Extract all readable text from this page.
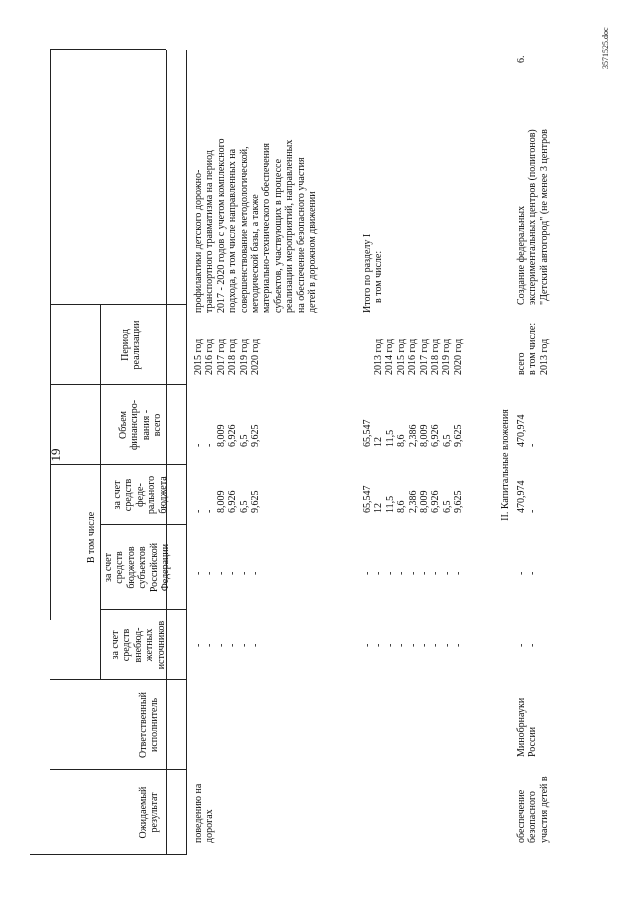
19
Период реализации
Объем финансиро- вания - всего
В том числе
за счет средств феде- рального бюджета
за счет средств бюджетов субъектов Российской Федерации
за счет средств внебюд- жетных источников
Ответственный исполнитель
Ожидаемый результат
профилактики детского дорожно- транспортного травматизма на период 2017 - 2020 годов с учетом комплексного подхода, в том числе направленных на совершенствование методологической, методической базы, а также материально-технического обеспечения субъектов, участвующих в процессе реализации мероприятий, направленных на обеспечение безопасного участия детей в дорожном движении
2015 год 2016 год 2017 год 2018 год 2019 год 2020 год
- - 8,009 6,926 6,5 9,625
- - 8,009 6,926 6,5 9,625
- - - - - -
- - - - - -
поведению на дорогах
Итого по разделу I в том числе:
2013 год 2014 год 2015 год 2016 год 2017 год 2018 год 2019 год 2020 год
65,547 12 11,5 8,6 2,386 8,009 6,926 6,5 9,625
65,547 12 11,5 8,6 2,386 8,009 6,926 6,5 9,625
- - - - - - - - -
- - - - - - - - -
II. Капитальные вложения
6.
Создание федеральных экспериментальных центров (полигонов) "Детский автогород" (не менее 3 центров
всего в том числе: 2013 год
470,974 -
470,974 -
- -
- -
Минобрнауки России
обеспечение безопасного участия детей в
3571525.doc
